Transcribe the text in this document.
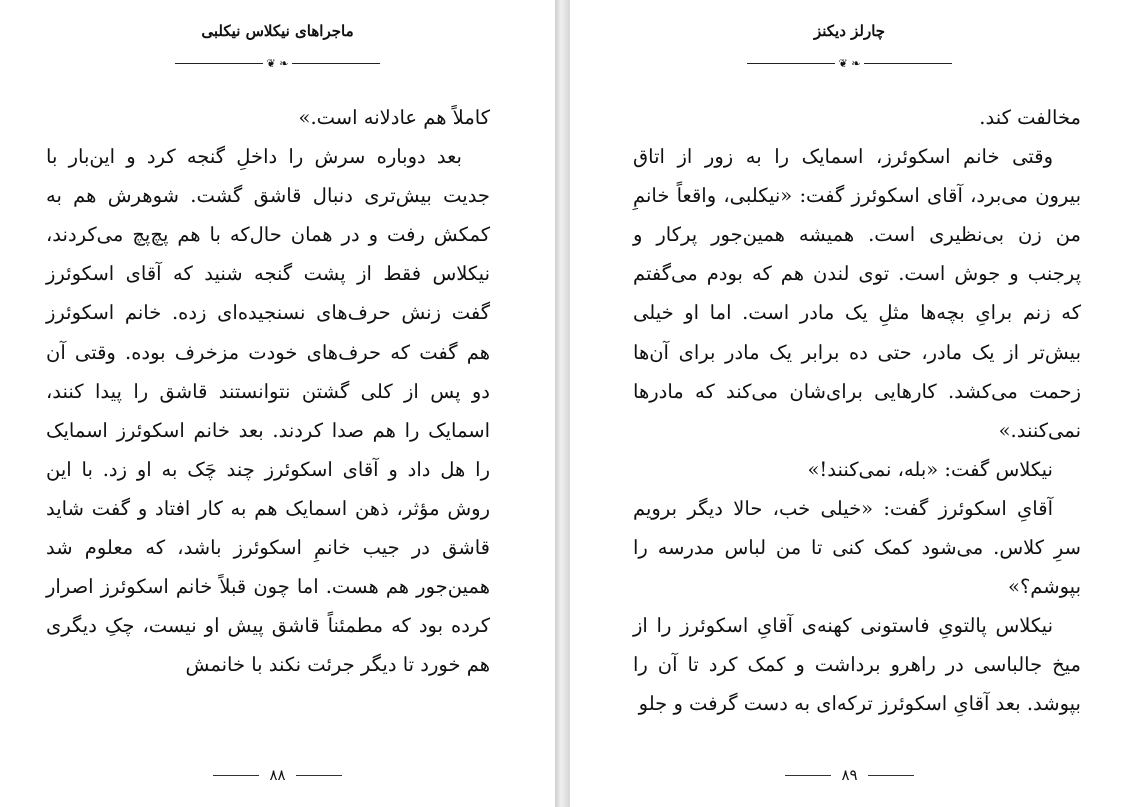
ماجراهای نیکلاس نیکلبی
❦ ❧

کاملاً هم عادلانه است.»

بعد دوباره سرش را داخلِ گنجه کرد و این‌بار با جدیت بیش‌تری دنبال قاشق گشت. شوهرش هم به کمکش رفت و در همان حال‌که با هم پچ‌پچ می‌کردند، نیکلاس فقط از پشت گنجه شنید که آقای اسکوئرز گفت زنش حرف‌های نسنجیده‌ای زده. خانم اسکوئرز هم گفت که حرف‌های خودت مزخرف بوده. وقتی آن دو پس از کلی گشتن نتوانستند قاشق را پیدا کنند، اسمایک را هم صدا کردند. بعد خانم اسکوئرز اسمایک را هل داد و آقای اسکوئرز چند چَک به او زد. با این روش مؤثر، ذهن اسمایک هم به کار افتاد و گفت شاید قاشق در جیب خانمِ اسکوئرز باشد، که معلوم شد همین‌جور هم هست. اما چون قبلاً خانم اسکوئرز اصرار کرده بود که مطمئناً قاشق پیش او نیست، چکِ دیگری هم خورد تا دیگر جرئت نکند با خانمش

۸۸
چارلز دیکنز
❦ ❧

مخالفت کند.

وقتی خانم اسکوئرز، اسمایک را به زور از اتاق بیرون می‌برد، آقای اسکوئرز گفت: «نیکلبی، واقعاً خانمِ من زن بی‌نظیری است. همیشه همین‌جور پرکار و پرجنب و جوش است. توی لندن هم که بودم می‌گفتم که زنم برایِ بچه‌ها مثلِ یک مادر است. اما او خیلی بیش‌تر از یک مادر، حتی ده برابر یک مادر برای آن‌ها زحمت می‌کشد. کارهایی برای‌شان می‌کند که مادرها نمی‌کنند.»

نیکلاس گفت: «بله، نمی‌کنند!»

آقایِ اسکوئرز گفت: «خیلی خب، حالا دیگر برویم سرِ کلاس. می‌شود کمک کنی تا من لباس مدرسه را بپوشم؟»

نیکلاس پالتویِ فاستونی کهنه‌ی آقایِ اسکوئرز را از میخ جالباسی در راهرو برداشت و کمک کرد تا آن را بپوشد. بعد آقایِ اسکوئرز ترکه‌ای به دست گرفت و جلو

۸۹
